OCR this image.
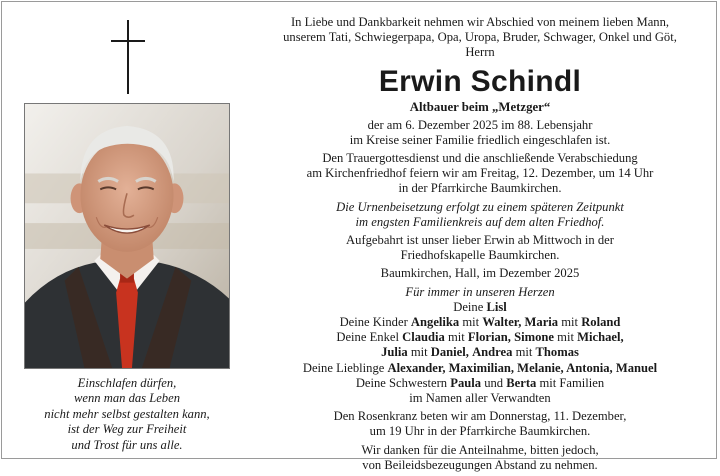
Einschlafen dürfen,
wenn man das Leben
nicht mehr selbst gestalten kann,
ist der Weg zur Freiheit
und Trost für uns alle.
In Liebe und Dankbarkeit nehmen wir Abschied von meinem lieben Mann,
unserem Tati, Schwiegerpapa, Opa, Uropa, Bruder, Schwager, Onkel und Göt,
Herrn
Erwin Schindl
Altbauer beim „Metzger“
der am 6. Dezember 2025 im 88. Lebensjahr
im Kreise seiner Familie friedlich eingeschlafen ist.
Den Trauergottesdienst und die anschließende Verabschiedung
am Kirchenfriedhof feiern wir am Freitag, 12. Dezember, um 14 Uhr
in der Pfarrkirche Baumkirchen.
Die Urnenbeisetzung erfolgt zu einem späteren Zeitpunkt
im engsten Familienkreis auf dem alten Friedhof.
Aufgebahrt ist unser lieber Erwin ab Mittwoch in der
Friedhofskapelle Baumkirchen.
Baumkirchen, Hall, im Dezember 2025
Für immer in unseren Herzen
Deine Lisl
Deine Kinder Angelika mit Walter, Maria mit Roland
Deine Enkel Claudia mit Florian, Simone mit Michael,
Julia mit Daniel, Andrea mit Thomas
Deine Lieblinge Alexander, Maximilian, Melanie, Antonia, Manuel
Deine Schwestern Paula und Berta mit Familien
im Namen aller Verwandten
Den Rosenkranz beten wir am Donnerstag, 11. Dezember,
um 19 Uhr in der Pfarrkirche Baumkirchen.
Wir danken für die Anteilnahme, bitten jedoch,
von Beileidsbezeugungen Abstand zu nehmen.
